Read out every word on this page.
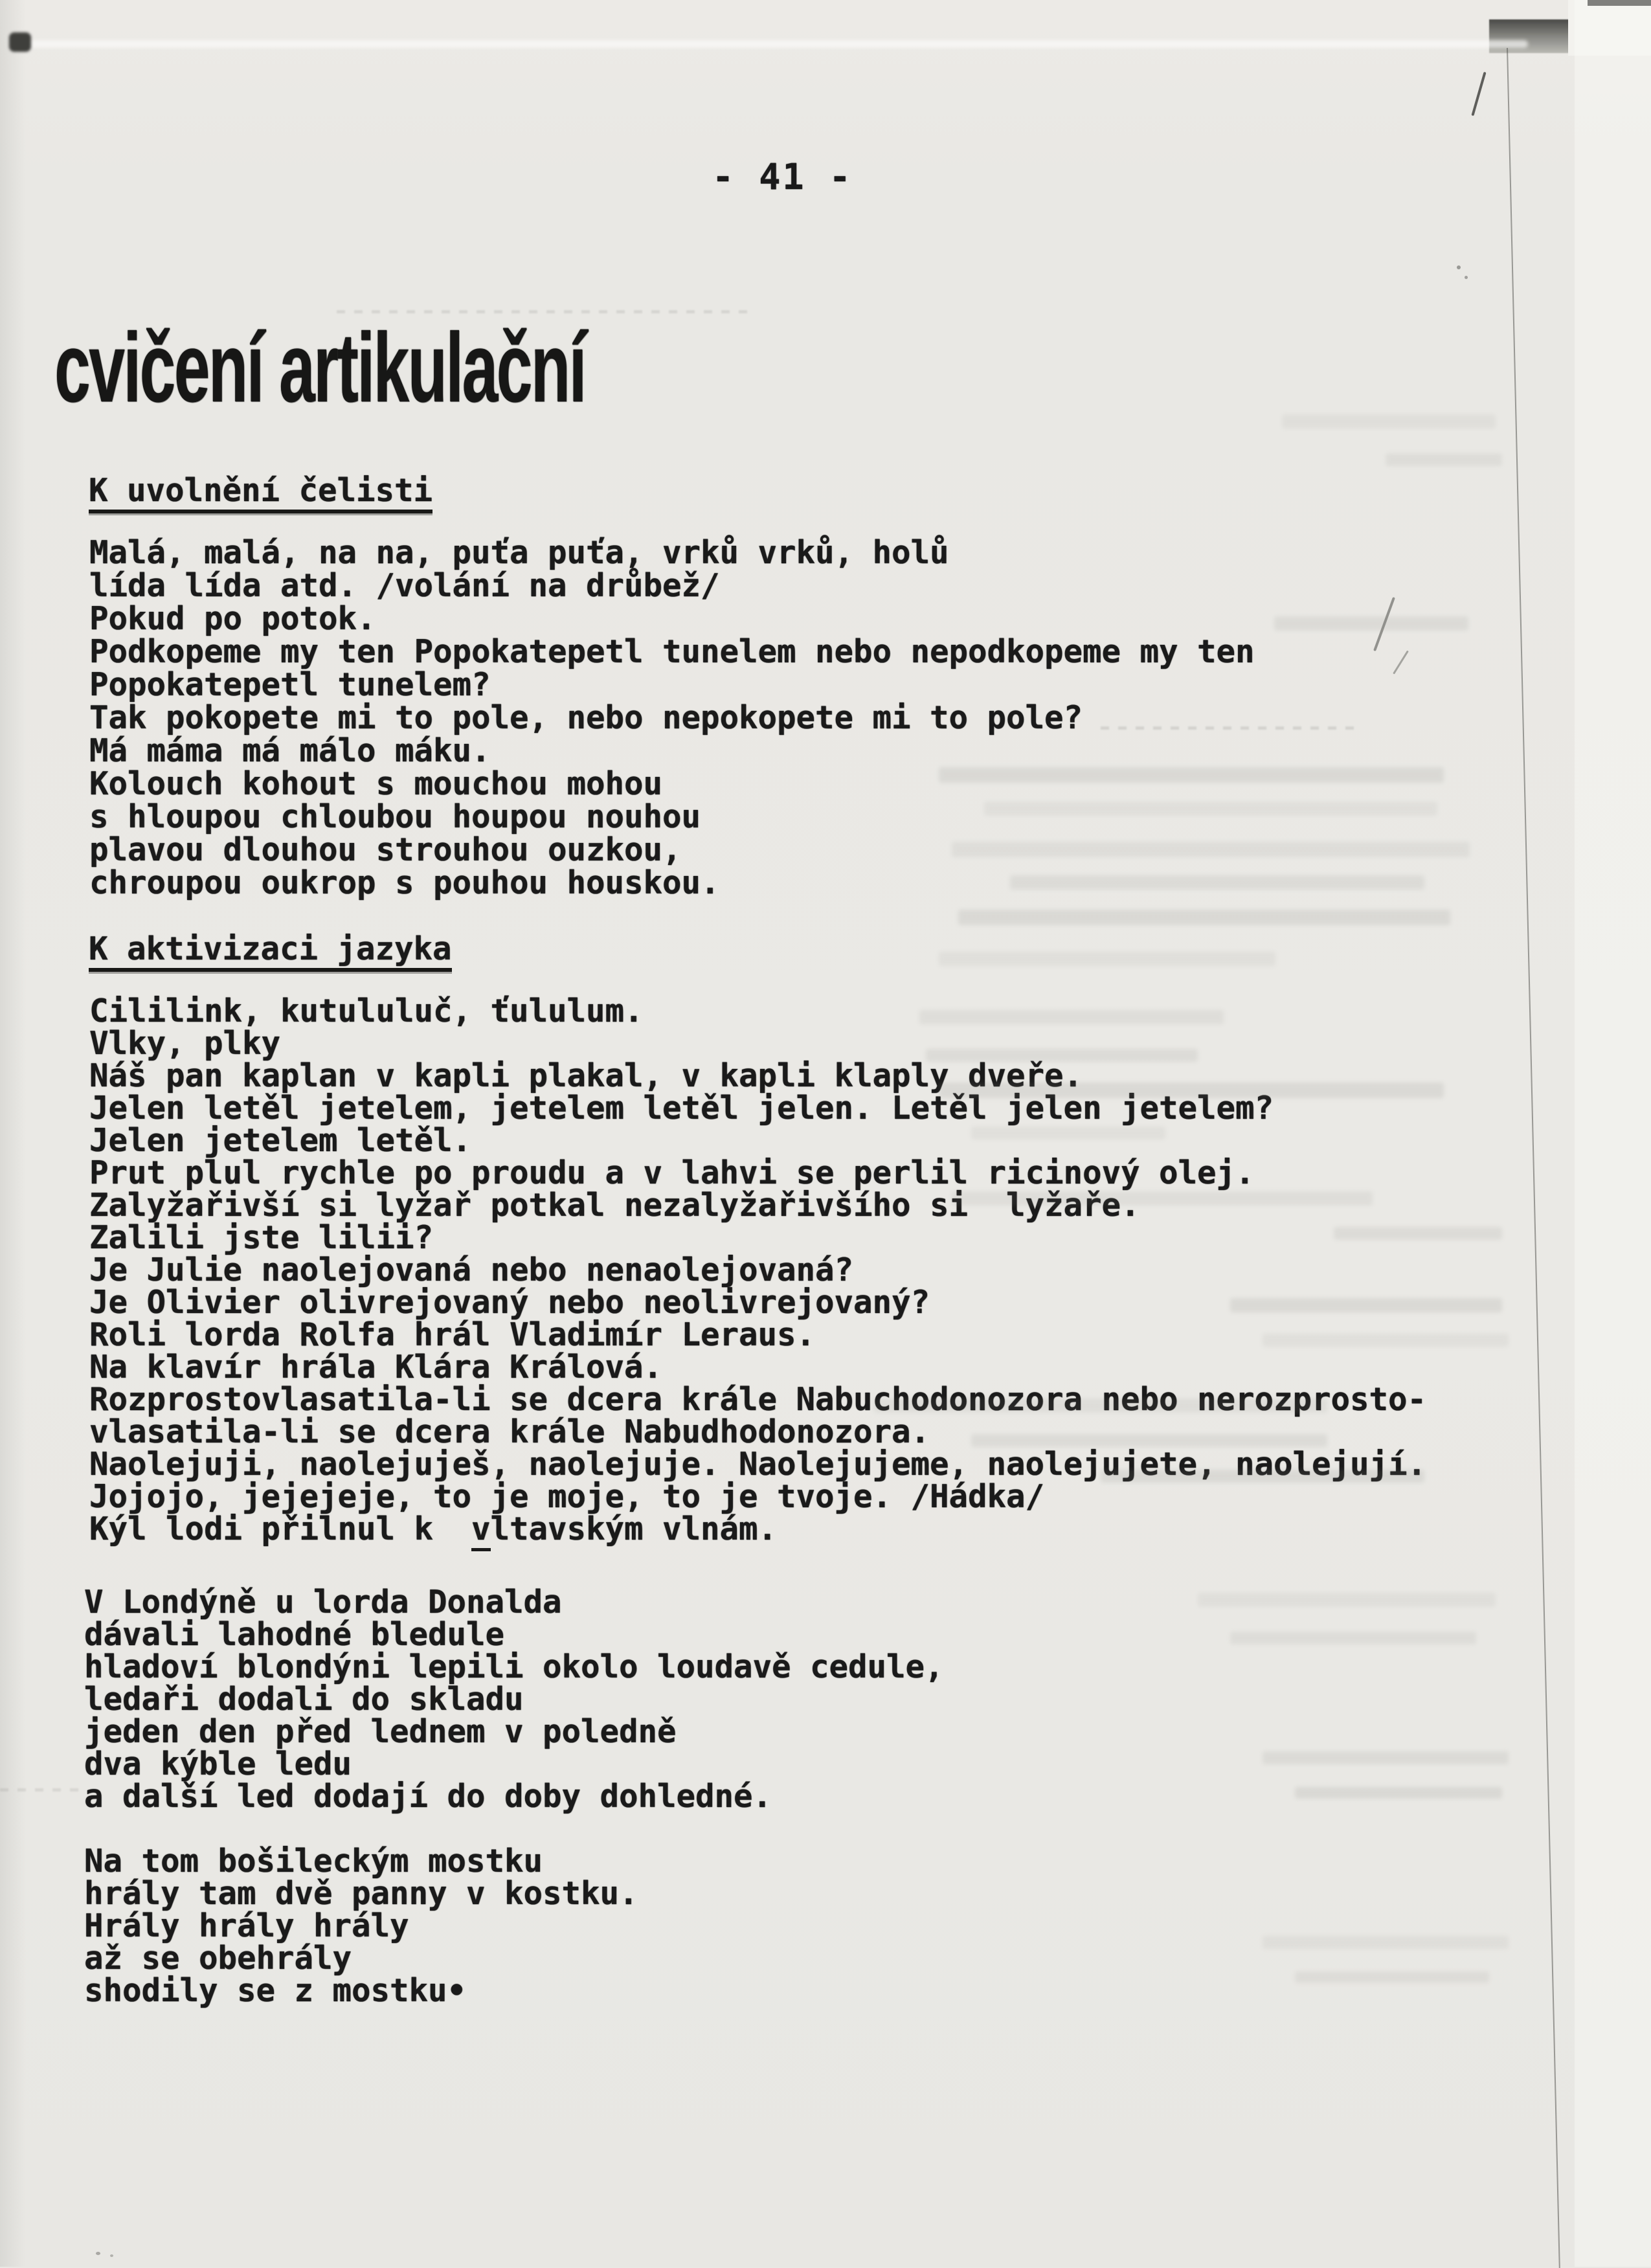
- 41 -
cvičení artikulační
K uvolnění čelisti
Malá, malá, na na, puťa puťa, vrků vrků, holů
lída lída atd. /volání na drůbež/
Pokud po potok.
Podkopeme my ten Popokatepetl tunelem nebo nepodkopeme my ten
Popokatepetl tunelem?
Tak pokopete mi to pole, nebo nepokopete mi to pole?
Má máma má málo máku.
Kolouch kohout s mouchou mohou
s hloupou chloubou houpou nouhou
plavou dlouhou strouhou ouzkou,
chroupou oukrop s pouhou houskou.
K aktivizaci jazyka
Cililink, kutululuč, ťululum.
Vlky, plky
Náš pan kaplan v kapli plakal, v kapli klaply dveře.
Jelen letěl jetelem, jetelem letěl jelen. Letěl jelen jetelem?
Jelen jetelem letěl.
Prut plul rychle po proudu a v lahvi se perlil ricinový olej.
Zalyžařivší si lyžař potkal nezalyžařivšího si  lyžaře.
Zalili jste lilii?
Je Julie naolejovaná nebo nenaolejovaná?
Je Olivier olivrejovaný nebo neolivrejovaný?
Roli lorda Rolfa hrál Vladimír Leraus.
Na klavír hrála Klára Králová.
Rozprostovlasatila-li se dcera krále Nabuchodonozora nebo nerozprosto-
vlasatila-li se dcera krále Nabudhodonozora.
Naolejuji, naolejuješ, naolejuje. Naolejujeme, naolejujete, naolejují.
Jojojo, jejejeje, to je moje, to je tvoje. /Hádka/
Kýl lodi přilnul k  vltavským vlnám.
V Londýně u lorda Donalda
dávali lahodné bledule
hladoví blondýni lepili okolo loudavě cedule,
ledaři dodali do skladu
jeden den před lednem v poledně
dva kýble ledu
a další led dodají do doby dohledné.
Na tom bošileckým mostku
hrály tam dvě panny v kostku.
Hrály hrály hrály
až se obehrály
shodily se z mostku•
